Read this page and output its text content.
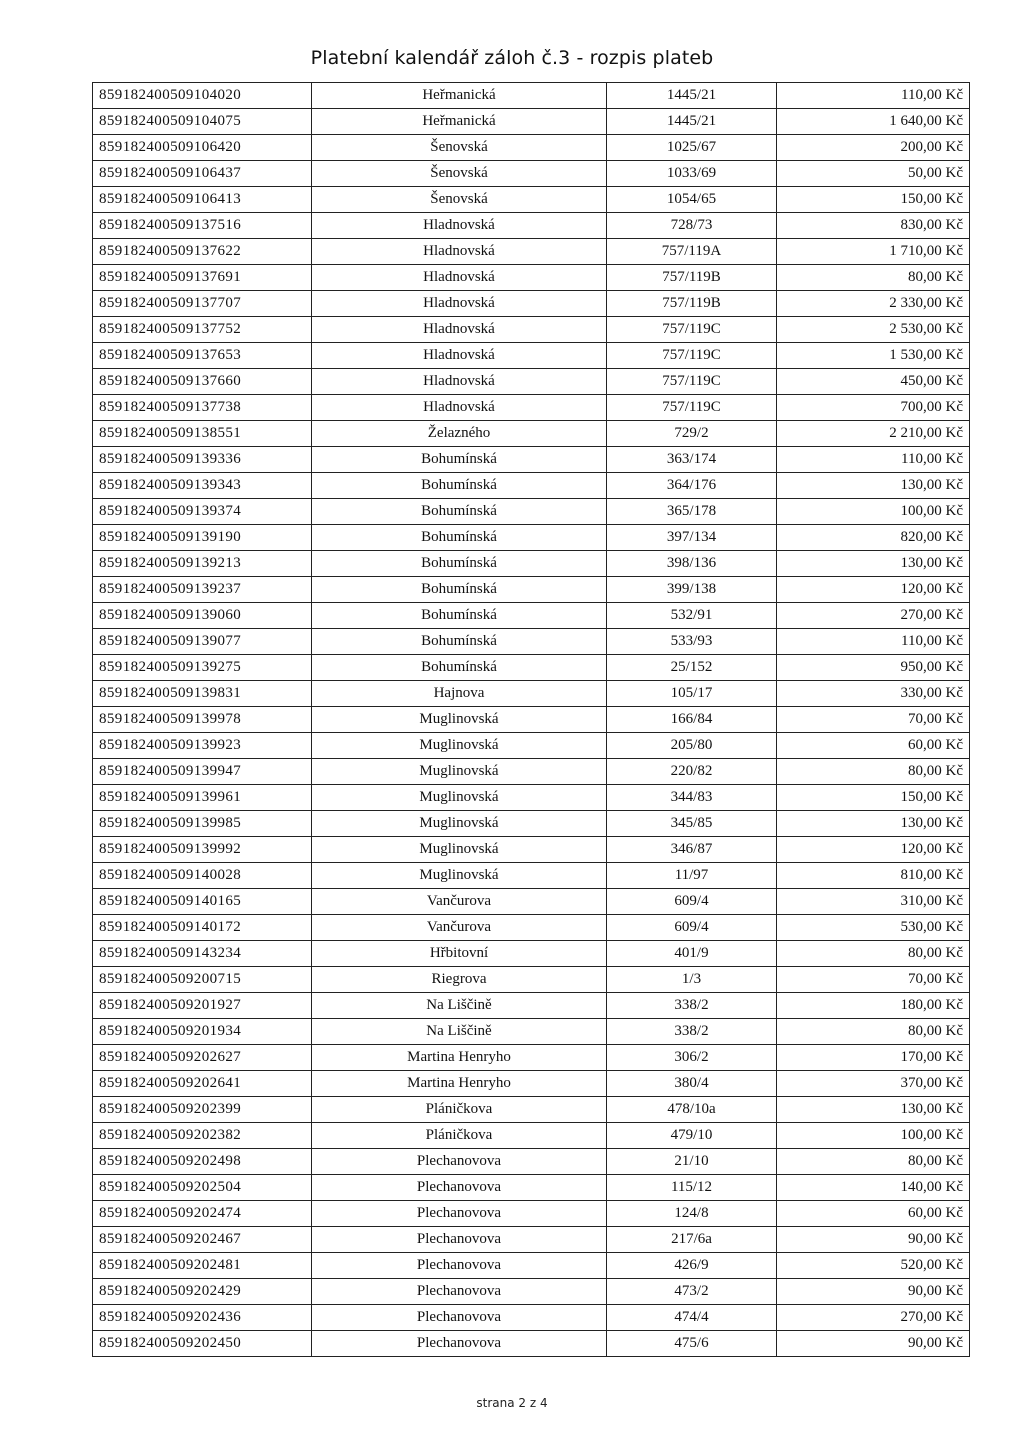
Platební kalendář záloh č.3 - rozpis plateb
859182400509104020	Heřmanická	1445/21	110,00 Kč
859182400509104075	Heřmanická	1445/21	1 640,00 Kč
859182400509106420	Šenovská	1025/67	200,00 Kč
859182400509106437	Šenovská	1033/69	50,00 Kč
859182400509106413	Šenovská	1054/65	150,00 Kč
859182400509137516	Hladnovská	728/73	830,00 Kč
859182400509137622	Hladnovská	757/119A	1 710,00 Kč
859182400509137691	Hladnovská	757/119B	80,00 Kč
859182400509137707	Hladnovská	757/119B	2 330,00 Kč
859182400509137752	Hladnovská	757/119C	2 530,00 Kč
859182400509137653	Hladnovská	757/119C	1 530,00 Kč
859182400509137660	Hladnovská	757/119C	450,00 Kč
859182400509137738	Hladnovská	757/119C	700,00 Kč
859182400509138551	Želazného	729/2	2 210,00 Kč
859182400509139336	Bohumínská	363/174	110,00 Kč
859182400509139343	Bohumínská	364/176	130,00 Kč
859182400509139374	Bohumínská	365/178	100,00 Kč
859182400509139190	Bohumínská	397/134	820,00 Kč
859182400509139213	Bohumínská	398/136	130,00 Kč
859182400509139237	Bohumínská	399/138	120,00 Kč
859182400509139060	Bohumínská	532/91	270,00 Kč
859182400509139077	Bohumínská	533/93	110,00 Kč
859182400509139275	Bohumínská	25/152	950,00 Kč
859182400509139831	Hajnova	105/17	330,00 Kč
859182400509139978	Muglinovská	166/84	70,00 Kč
859182400509139923	Muglinovská	205/80	60,00 Kč
859182400509139947	Muglinovská	220/82	80,00 Kč
859182400509139961	Muglinovská	344/83	150,00 Kč
859182400509139985	Muglinovská	345/85	130,00 Kč
859182400509139992	Muglinovská	346/87	120,00 Kč
859182400509140028	Muglinovská	11/97	810,00 Kč
859182400509140165	Vančurova	609/4	310,00 Kč
859182400509140172	Vančurova	609/4	530,00 Kč
859182400509143234	Hřbitovní	401/9	80,00 Kč
859182400509200715	Riegrova	1/3	70,00 Kč
859182400509201927	Na Liščině	338/2	180,00 Kč
859182400509201934	Na Liščině	338/2	80,00 Kč
859182400509202627	Martina Henryho	306/2	170,00 Kč
859182400509202641	Martina Henryho	380/4	370,00 Kč
859182400509202399	Pláničkova	478/10a	130,00 Kč
859182400509202382	Pláničkova	479/10	100,00 Kč
859182400509202498	Plechanovova	21/10	80,00 Kč
859182400509202504	Plechanovova	115/12	140,00 Kč
859182400509202474	Plechanovova	124/8	60,00 Kč
859182400509202467	Plechanovova	217/6a	90,00 Kč
859182400509202481	Plechanovova	426/9	520,00 Kč
859182400509202429	Plechanovova	473/2	90,00 Kč
859182400509202436	Plechanovova	474/4	270,00 Kč
859182400509202450	Plechanovova	475/6	90,00 Kč
strana 2 z 4
